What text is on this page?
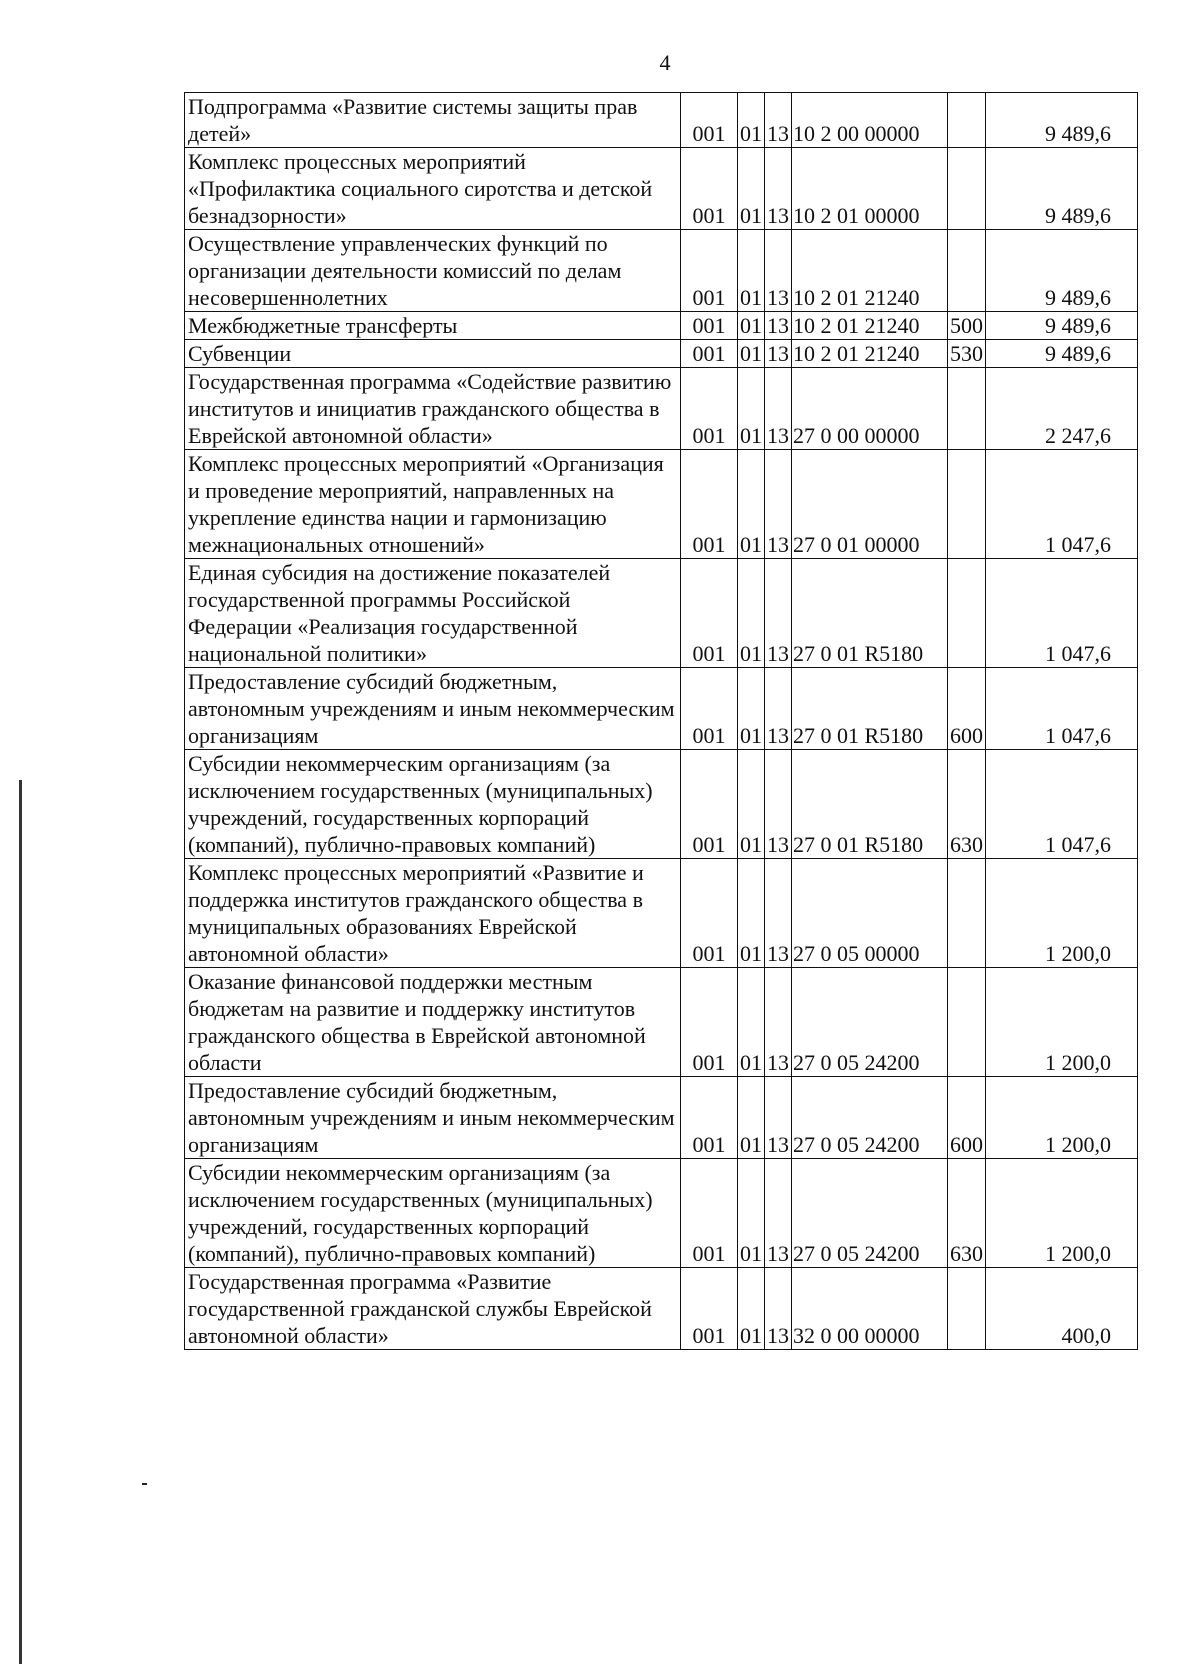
4
Подпрограмма «Развитие системы защиты прав детей»	001	01	13	10 2 00 00000		9 489,6
Комплекс процессных мероприятий «Профилактика социального сиротства и детской безнадзорности»	001	01	13	10 2 01 00000		9 489,6
Осуществление управленческих функций по организации деятельности комиссий по делам несовершеннолетних	001	01	13	10 2 01 21240		9 489,6
Межбюджетные трансферты	001	01	13	10 2 01 21240	500	9 489,6
Субвенции	001	01	13	10 2 01 21240	530	9 489,6
Государственная программа «Содействие развитию институтов и инициатив гражданского общества в Еврейской автономной области»	001	01	13	27 0 00 00000		2 247,6
Комплекс процессных мероприятий «Организация и проведение мероприятий, направленных на укрепление единства нации и гармонизацию межнациональных отношений»	001	01	13	27 0 01 00000		1 047,6
Единая субсидия на достижение показателей государственной программы Российской Федерации «Реализация государственной национальной политики»	001	01	13	27 0 01 R5180		1 047,6
Предоставление субсидий бюджетным, автономным учреждениям и иным некоммерческим организациям	001	01	13	27 0 01 R5180	600	1 047,6
Субсидии некоммерческим организациям (за исключением государственных (муниципальных) учреждений, государственных корпораций (компаний), публично-правовых компаний)	001	01	13	27 0 01 R5180	630	1 047,6
Комплекс процессных мероприятий «Развитие и поддержка институтов гражданского общества в муниципальных образованиях Еврейской автономной области»	001	01	13	27 0 05 00000		1 200,0
Оказание финансовой поддержки местным бюджетам на развитие и поддержку институтов гражданского общества в Еврейской автономной области	001	01	13	27 0 05 24200		1 200,0
Предоставление субсидий бюджетным, автономным учреждениям и иным некоммерческим организациям	001	01	13	27 0 05 24200	600	1 200,0
Субсидии некоммерческим организациям (за исключением государственных (муниципальных) учреждений, государственных корпораций (компаний), публично-правовых компаний)	001	01	13	27 0 05 24200	630	1 200,0
Государственная программа «Развитие государственной гражданской службы Еврейской автономной области»	001	01	13	32 0 00 00000		400,0
